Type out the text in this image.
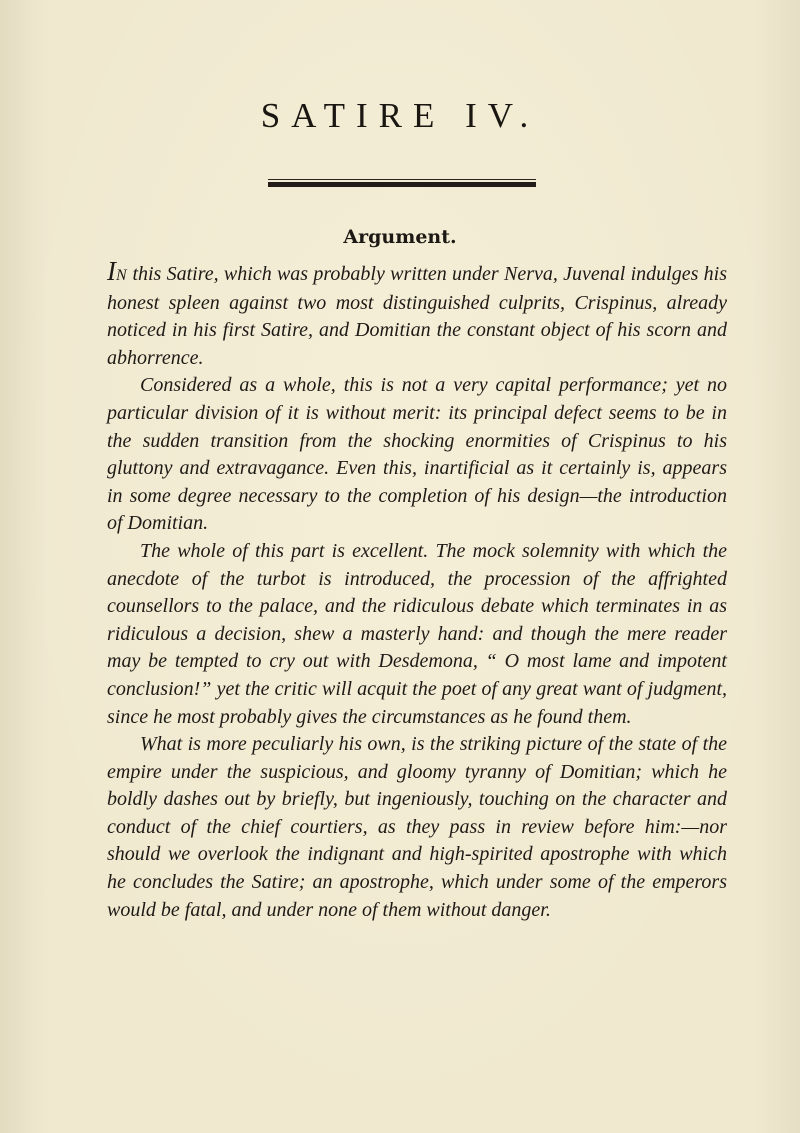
SATIRE IV.
Argument.

IN this Satire, which was probably written under Nerva, Juvenal indulges his honest spleen against two most distinguished culprits, Crispinus, already noticed in his first Satire, and Domitian the constant object of his scorn and abhorrence.

Considered as a whole, this is not a very capital performance; yet no particular division of it is without merit: its principal defect seems to be in the sudden transition from the shocking enormities of Crispinus to his gluttony and extravagance. Even this, inartificial as it certainly is, appears in some degree necessary to the completion of his design—the introduction of Domitian.

The whole of this part is excellent. The mock solemnity with which the anecdote of the turbot is introduced, the procession of the affrighted counsellors to the palace, and the ridiculous debate which terminates in as ridiculous a decision, shew a masterly hand: and though the mere reader may be tempted to cry out with Desdemona, “ O most lame and impotent conclusion!” yet the critic will acquit the poet of any great want of judgment, since he most probably gives the circumstances as he found them.

What is more peculiarly his own, is the striking picture of the state of the empire under the suspicious, and gloomy tyranny of Domitian; which he boldly dashes out by briefly, but ingeniously, touching on the character and conduct of the chief courtiers, as they pass in review before him:—nor should we overlook the indignant and high-spirited apostrophe with which he concludes the Satire; an apostrophe, which under some of the emperors would be fatal, and under none of them without danger.
